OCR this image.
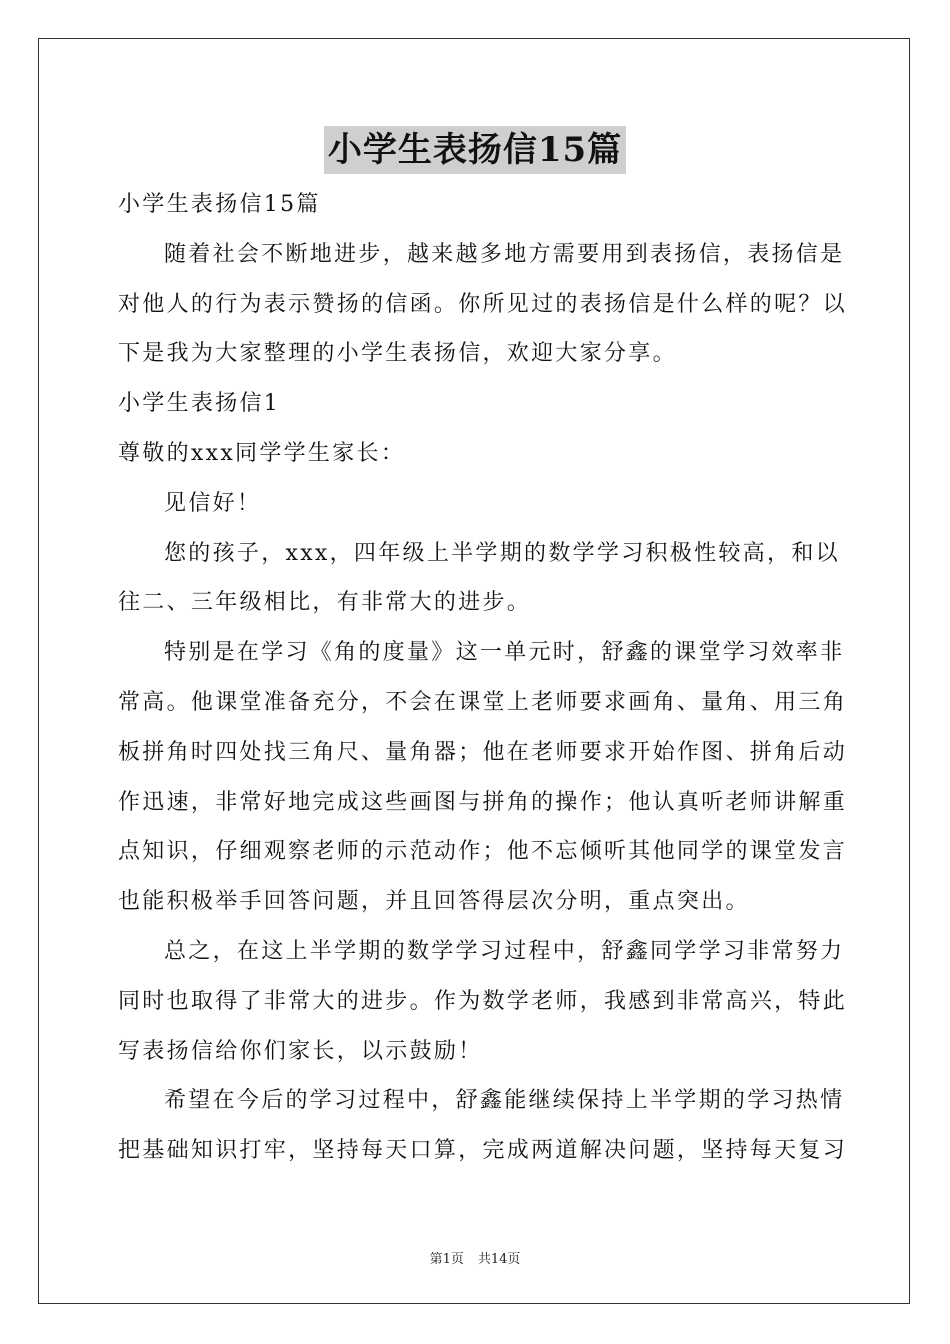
小学生表扬信15篇
小学生表扬信15篇
随着社会不断地进步，越来越多地方需要用到表扬信，表扬信是
对他人的行为表示赞扬的信函。你所见过的表扬信是什么样的呢？以
下是我为大家整理的小学生表扬信，欢迎大家分享。
小学生表扬信1
尊敬的xxx同学学生家长：
见信好！
您的孩子，xxx，四年级上半学期的数学学习积极性较高，和以
往二、三年级相比，有非常大的进步。
特别是在学习《角的度量》这一单元时，舒鑫的课堂学习效率非
常高。他课堂准备充分，不会在课堂上老师要求画角、量角、用三角
板拼角时四处找三角尺、量角器；他在老师要求开始作图、拼角后动
作迅速，非常好地完成这些画图与拼角的操作；他认真听老师讲解重
点知识，仔细观察老师的示范动作；他不忘倾听其他同学的课堂发言
也能积极举手回答问题，并且回答得层次分明，重点突出。
总之，在这上半学期的数学学习过程中，舒鑫同学学习非常努力
同时也取得了非常大的进步。作为数学老师，我感到非常高兴，特此
写表扬信给你们家长，以示鼓励！
希望在今后的学习过程中，舒鑫能继续保持上半学期的学习热情
把基础知识打牢，坚持每天口算，完成两道解决问题，坚持每天复习
第1页 共14页
